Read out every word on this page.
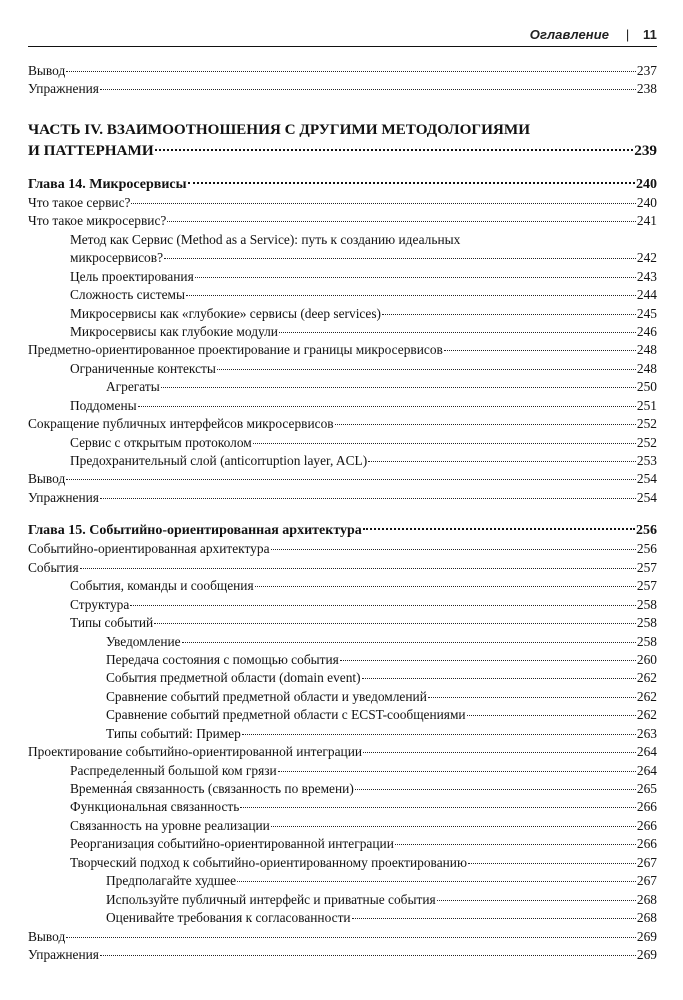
Оглавление | 11
Вывод	237
Упражнения	238
ЧАСТЬ IV. ВЗАИМООТНОШЕНИЯ С ДРУГИМИ МЕТОДОЛОГИЯМИ
И ПАТТЕРНАМИ	239
Глава 14. Микросервисы	240
Что такое сервис?	240
Что такое микросервис?	241
Метод как Сервис (Method as a Service): путь к созданию идеальных
микросервисов?	242
Цель проектирования	243
Сложность системы	244
Микросервисы как «глубокие» сервисы (deep services)	245
Микросервисы как глубокие модули	246
Предметно-ориентированное проектирование и границы микросервисов	248
Ограниченные контексты	248
Агрегаты	250
Поддомены	251
Сокращение публичных интерфейсов микросервисов	252
Сервис с открытым протоколом	252
Предохранительный слой (anticorruption layer, ACL)	253
Вывод	254
Упражнения	254
Глава 15. Событийно-ориентированная архитектура	256
Событийно-ориентированная архитектура	256
События	257
События, команды и сообщения	257
Структура	258
Типы событий	258
Уведомление	258
Передача состояния с помощью события	260
События предметной области (domain event)	262
Сравнение событий предметной области и уведомлений	262
Сравнение событий предметной области с ECST-сообщениями	262
Типы событий: Пример	263
Проектирование событийно-ориентированной интеграции	264
Распределенный большой ком грязи	264
Временна́я связанность (связанность по времени)	265
Функциональная связанность	266
Связанность на уровне реализации	266
Реорганизация событийно-ориентированной интеграции	266
Творческий подход к событийно-ориентированному проектированию	267
Предполагайте худшее	267
Используйте публичный интерфейс и приватные события	268
Оценивайте требования к согласованности	268
Вывод	269
Упражнения	269
